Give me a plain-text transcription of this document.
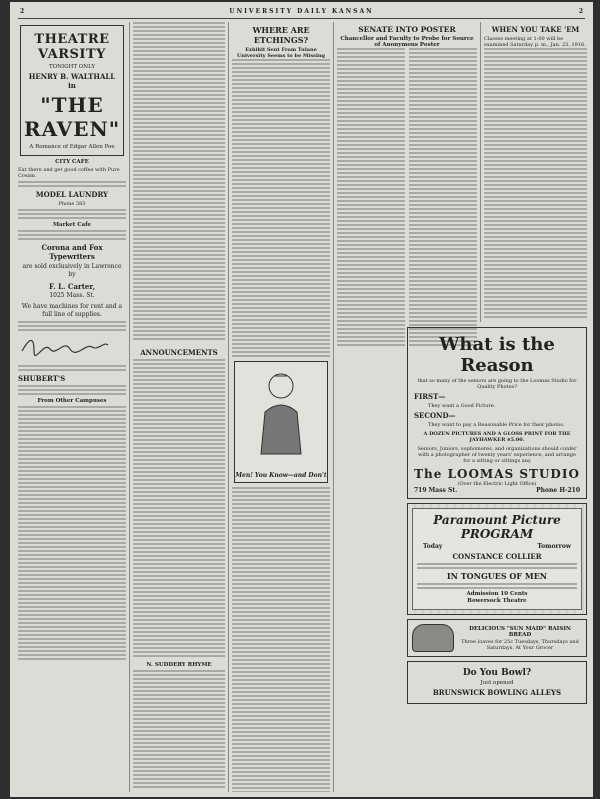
2	UNIVERSITY DAILY KANSAN	2
THEATRE VARSITY
TONIGHT ONLY
HENRY B. WALTHALL in
"THE RAVEN"
A Romance of Edgar Allen Poe
CITY CAFE

Eat there and get good coffee with Pure Cream.

MODEL LAUNDRY

Phone 383

Market Cafe
Corona and Fox Typewriters

are sold exclusively in Lawrence by

F. L. Carter,

1025 Mass. St.

We have machines for rent and a full line of supplies.

SHUBERT'S
From Other Campuses
ANNOUNCEMENTS
N. SUDDERY RHYME
WHERE ARE ETCHINGS?

Exhibit Sent From Tulane University Seems to be Missing

Men! You Know—and Don't
SENATE INTO POSTER

Chancellor and Faculty to Probe for Source of Anonymous Poster

What is the Reason

that so many of the seniors are going to the Loomas Studio for Quality Photos?

FIRST—

They want a Good Picture.

SECOND—

They want to pay a Reasonable Price for their photos.

A DOZEN PICTURES AND A GLOSS PRINT FOR THE JAYHAWKER $5.00.

Seniors, Juniors, sophomores, and organizations should confer with a photographer of twenty years' experience, and arrange for a sitting or sittings any

The LOOMAS STUDIO

(Over the Electric Light Office)

719 Mass St.	Phone H-210
Paramount Picture PROGRAM
Today	Tomorrow
CONSTANCE COLLIER
IN TONGUES OF MEN
Admission 10 Cents
Bowersock Theatre
DELICIOUS "SUN MAID" RAISIN BREAD

Three loaves for 25c Tuesdays, Thursdays and Saturdays. At Your Grocer

Do You Bowl?
Just opened
BRUNSWICK BOWLING ALLEYS
WHEN YOU TAKE 'EM

Classes meeting at 1:00 will be examined Saturday p. m., Jan. 23, 1916.
